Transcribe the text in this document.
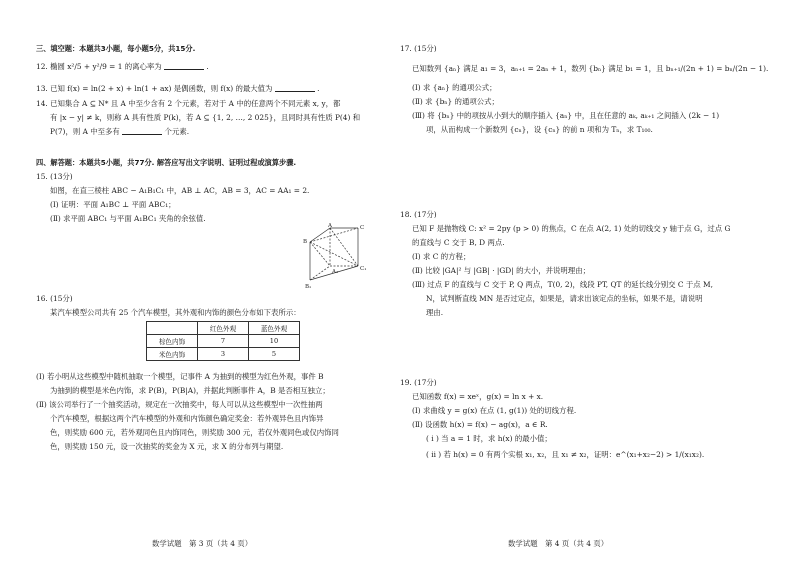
三、填空题：本题共3小题，每小题5分，共15分.
12. 椭圆 x²/5 + y²/9 = 1 的离心率为	.
13. 已知 f(x) = ln(2 + x) + ln(1 + ax) 是偶函数，则 f(x) 的最大值为	.
14. 已知集合 A ⊆ N* 且 A 中至少含有 2 个元素，若对于 A 中的任意两个不同元素 x, y，都
有 |x − y| ≠ k，则称 A 具有性质 P(k)，若 A ⊆ {1, 2, …, 2 025}，且同时具有性质 P(4) 和
P(7)，则 A 中至多有	个元素.
四、解答题：本题共5小题，共77分. 解答应写出文字说明、证明过程或演算步骤.
15. (13分)
如图，在直三棱柱 ABC − A₁B₁C₁ 中，AB ⊥ AC，AB = 3，AC = AA₁ = 2.
(Ⅰ) 证明：平面 A₁BC ⊥ 平面 ABC₁；
(Ⅱ) 求平面 ABC₁ 与平面 A₁BC₁ 夹角的余弦值.
B
A	C
A₁
B₁
C₁
16. (15分)
某汽车模型公司共有 25 个汽车模型，其外观和内饰的颜色分布如下表所示：
	红色外观	蓝色外观
棕色内饰	7	10
米色内饰	3	5
(Ⅰ) 若小明从这些模型中随机抽取一个模型，记事件 A 为抽到的模型为红色外观，事件 B
为抽到的模型是米色内饰，求 P(B)，P(B|A)，并据此判断事件 A，B 是否相互独立；
(Ⅱ) 该公司举行了一个抽奖活动，规定在一次抽奖中，每人可以从这些模型中一次性抽两
个汽车模型，根据这两个汽车模型的外观和内饰颜色确定奖金：若外观异色且内饰异
色，则奖励 600 元，若外观同色且内饰同色，则奖励 300 元，若仅外观同色或仅内饰同
色，则奖励 150 元，设一次抽奖的奖金为 X 元，求 X 的分布列与期望.
数学试题　第 3 页（共 4 页）
17. (15分)
已知数列 {aₙ} 满足 a₁ = 3，aₙ₊₁ = 2aₙ + 1，数列 {bₙ} 满足 b₁ = 1，且 bₙ₊₁/(2n + 1) = bₙ/(2n − 1).
(Ⅰ) 求 {aₙ} 的通项公式；
(Ⅱ) 求 {bₙ} 的通项公式；
(Ⅲ) 将 {bₙ} 中的项按从小到大的顺序插入 {aₙ} 中，且在任意的 aₖ, aₖ₊₁ 之间插入 (2k − 1)
项，从而构成一个新数列 {cₙ}，设 {cₙ} 的前 n 项和为 Tₙ，求 T₁₀₀.
18. (17分)
已知 F 是抛物线 C: x² = 2py (p > 0) 的焦点，C 在点 A(2, 1) 处的切线交 y 轴于点 G，过点 G
的直线与 C 交于 B, D 两点.
(Ⅰ) 求 C 的方程；
(Ⅱ) 比较 |GA|² 与 |GB| · |GD| 的大小，并说明理由；
(Ⅲ) 过点 F 的直线与 C 交于 P, Q 两点，T(0, 2)，线段 PT, QT 的延长线分别交 C 于点 M,
N，试判断直线 MN 是否过定点，如果是，请求出该定点的坐标，如果不是，请说明
理由.
19. (17分)
已知函数 f(x) = xeˣ，g(x) = ln x + x.
(Ⅰ) 求曲线 y = g(x) 在点 (1, g(1)) 处的切线方程.
(Ⅱ) 设函数 h(x) = f(x) − ag(x)，a ∈ R.
( ⅰ ) 当 a = 1 时，求 h(x) 的最小值；
( ⅱ ) 若 h(x) = 0 有两个实根 x₁, x₂，且 x₁ ≠ x₂，证明：e^(x₁+x₂−2) > 1/(x₁x₂).
数学试题　第 4 页（共 4 页）
